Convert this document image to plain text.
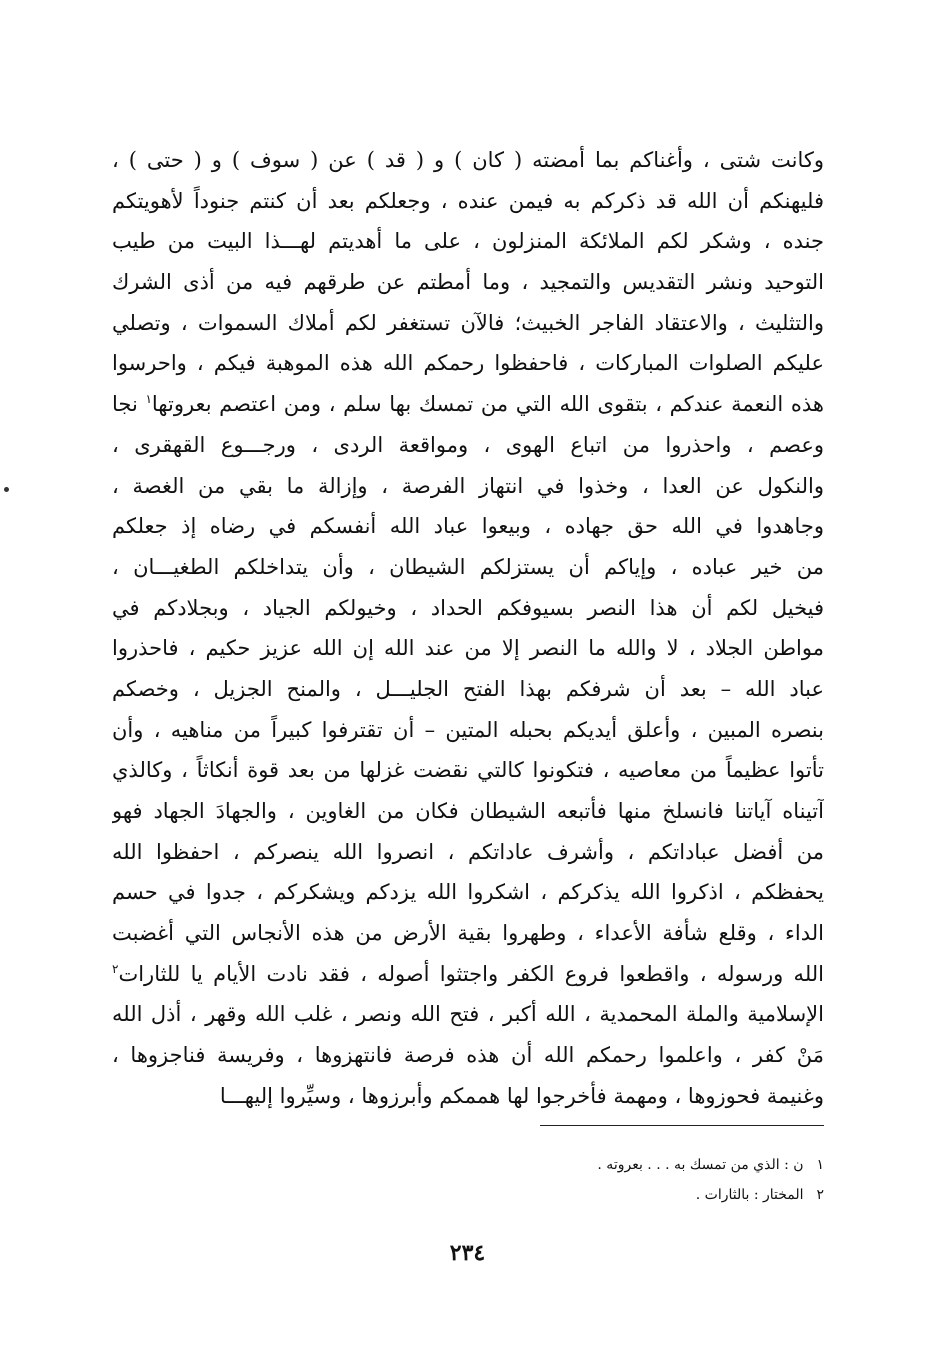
وكانت شتى ، وأغناكم بما أمضته ( كان ) و ( قد ) عن ( سوف ) و ( حتى ) ،
فليهنكم أن الله قد ذكركم به فيمن عنده ، وجعلكم بعد أن كنتم جنوداً لأهويتكم
جنده ، وشكر لكم الملائكة المنزلون ، على ما أهديتم لهـــذا البيت من طيب
التوحيد ونشر التقديس والتمجيد ، وما أمطتم عن طرقهم فيه من أذى الشرك
والتثليث ، والاعتقاد الفاجر الخبيث؛ فالآن تستغفر لكم أملاك السموات ، وتصلي
عليكم الصلوات المباركات ، فاحفظوا رحمكم الله هذه الموهبة فيكم ، واحرسوا
هذه النعمة عندكم ، بتقوى الله التي من تمسك بها سلم ، ومن اعتصم بعروتها$^١$ نجا
وعصم ، واحذروا من اتباع الهوى ، ومواقعة الردى ، ورجـــوع القهقرى ،
والنكول عن العدا ، وخذوا في انتهاز الفرصة ، وإزالة ما بقي من الغصة ،
وجاهدوا في الله حق جهاده ، وبيعوا عباد الله أنفسكم في رضاه إذ جعلكم
من خير عباده ، وإياكم أن يستزلكم الشيطان ، وأن يتداخلكم الطغيـــان ،
فيخيل لكم أن هذا النصر بسيوفكم الحداد ، وخيولكم الجياد ، وبجلادكم في
مواطن الجلاد ، لا والله ما النصر إلا من عند الله إن الله عزيز حكيم ، فاحذروا
عباد الله – بعد أن شرفكم بهذا الفتح الجليـــل ، والمنح الجزيل ، وخصكم
بنصره المبين ، وأعلق أيديكم بحبله المتين – أن تقترفوا كبيراً من مناهيه ، وأن
تأتوا عظيماً من معاصيه ، فتكونوا كالتي نقضت غزلها من بعد قوة أنكاثاً ، وكالذي
آتيناه آياتنا فانسلخ منها فأتبعه الشيطان فكان من الغاوين ، والجهادَ الجهاد فهو
من أفضل عباداتكم ، وأشرف عاداتكم ، انصروا الله ينصركم ، احفظوا الله
يحفظكم ، اذكروا الله يذكركم ، اشكروا الله يزدكم ويشكركم ، جدوا في حسم
الداء ، وقلع شأفة الأعداء ، وطهروا بقية الأرض من هذه الأنجاس التي أغضبت
الله ورسوله ، واقطعوا فروع الكفر واجتثوا أصوله ، فقد نادت الأيام يا للثارات$^٢$
الإسلامية والملة المحمدية ، الله أكبر ، فتح الله ونصر ، غلب الله وقهر ، أذل الله
مَنْ كفر ، واعلموا رحمكم الله أن هذه فرصة فانتهزوها ، وفريسة فناجزوها ،
وغنيمة فحوزوها ، ومهمة فأخرجوا لها هممكم وأبرزوها ، وسيِّروا إليهـــا
١ ن : الذي من تمسك به . . . بعروته .
٢ المختار : بالثارات .
٢٣٤
